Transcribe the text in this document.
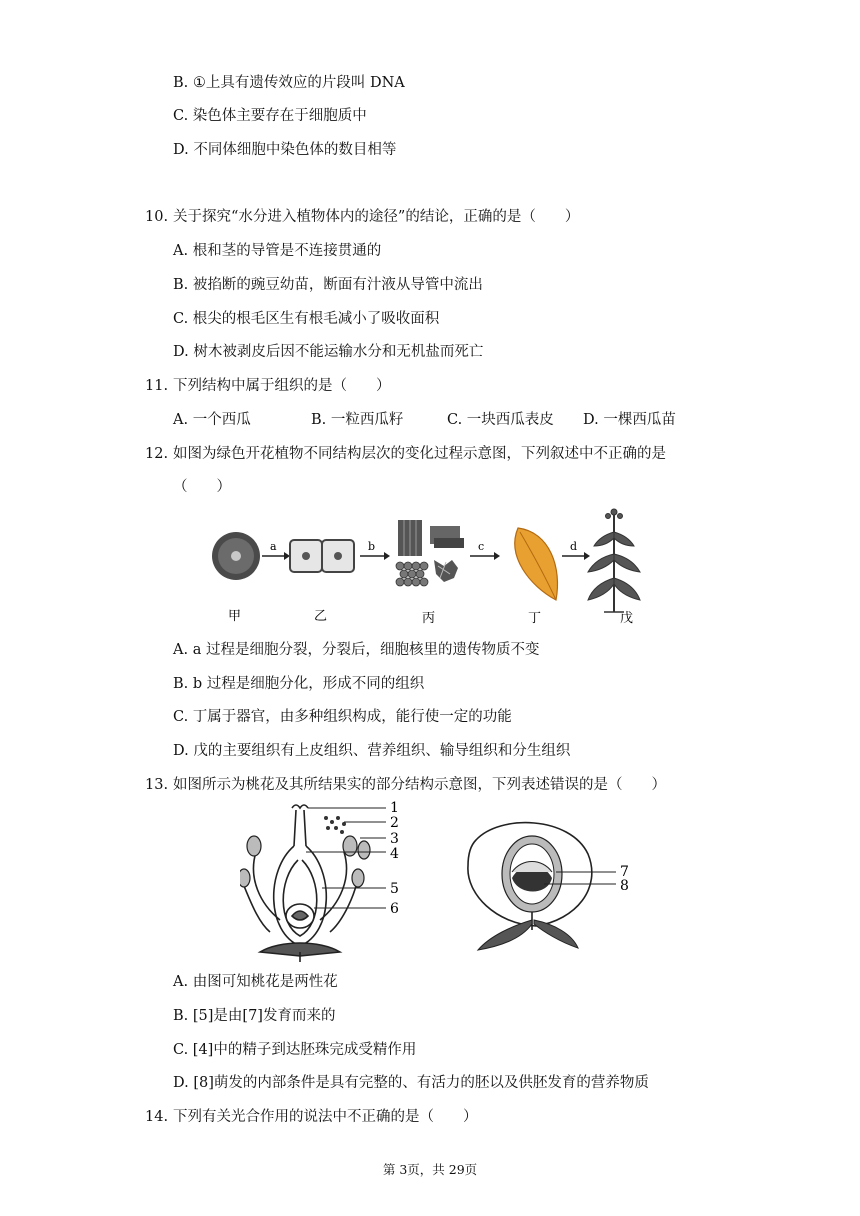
B. ①上具有遗传效应的片段叫 DNA
C. 染色体主要存在于细胞质中
D. 不同体细胞中染色体的数目相等
10. 关于探究“水分进入植物体内的途径”的结论，正确的是（　　）
A. 根和茎的导管是不连接贯通的
B. 被掐断的豌豆幼苗，断面有汁液从导管中流出
C. 根尖的根毛区生有根毛减小了吸收面积
D. 树木被剥皮后因不能运输水分和无机盐而死亡
11. 下列结构中属于组织的是（　　）
A. 一个西瓜	B. 一粒西瓜籽	C. 一块西瓜表皮 D. 一棵西瓜苗
12. 如图为绿色开花植物不同结构层次的变化过程示意图，下列叙述中不正确的是
（　　）
a	b	c	d
甲	乙	丙	丁	戊
A. a 过程是细胞分裂，分裂后，细胞核里的遗传物质不变
B. b 过程是细胞分化，形成不同的组织
C. 丁属于器官，由多种组织构成，能行使一定的功能
D. 戊的主要组织有上皮组织、营养组织、输导组织和分生组织
13. 如图所示为桃花及其所结果实的部分结构示意图，下列表述错误的是（　　）
1
2
3
4
5
6
7
8
A. 由图可知桃花是两性花
B. [5]是由[7]发育而来的
C. [4]中的精子到达胚珠完成受精作用
D. [8]萌发的内部条件是具有完整的、有活力的胚以及供胚发育的营养物质
14. 下列有关光合作用的说法中不正确的是（　　）
第 3页，共 29页
